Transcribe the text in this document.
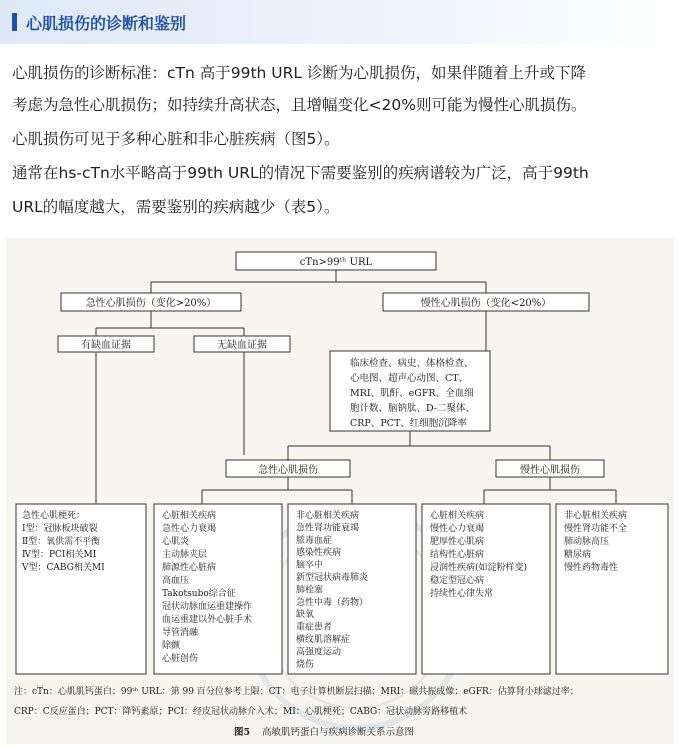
心肌损伤的诊断和鉴别
心肌损伤的诊断标准：cTn 高于99th URL 诊断为心肌损伤，如果伴随着上升或下降
考虑为急性心肌损伤；如持续升高状态，且增幅变化<20%则可能为慢性心肌损伤。
心肌损伤可见于多种心脏和非心脏疾病（图5）。
通常在hs-cTn水平略高于99th URL的情况下需要鉴别的疾病谱较为广泛，高于99th
URL的幅度越大，需要鉴别的疾病越少（表5）。
cTn>99ᵗʰ URL
急性心肌损伤（变化>20%）	慢性心肌损伤（变化<20%）
有缺血证据	无缺血证据
临床检查、病史、体格检查、
心电图、超声心动图、CT、
MRI、肌酐、eGFR、全血细
胞计数、脑钠肽、D-二聚体、
CRP、PCT、红细胞沉降率
急性心肌损伤	慢性心肌损伤
急性心肌梗死：
Ⅰ型：冠脉板块破裂
Ⅱ型：氧供需不平衡
Ⅳ型：PCI相关MI
Ⅴ型：CABG相关MI
心脏相关疾病
急性心力衰竭
心肌炎
主动脉夹层
肺源性心脏病
高血压
Takotsubo综合征
冠状动脉血运重建操作
血运重建以外心脏手术
导管消融
除颤
心脏创伤
非心脏相关疾病
急性肾功能衰竭
脓毒血症
感染性疾病
脑卒中
新型冠状病毒肺炎
肺栓塞
急性中毒（药物）
缺氧
重症患者
横纹肌溶解症
高强度运动
烧伤
心脏相关疾病
慢性心力衰竭
肥厚性心肌病
结构性心脏病
浸润性疾病(如淀粉样变)
稳定型冠心病
持续性心律失常
非心脏相关疾病
慢性肾功能不全
肺动脉高压
糖尿病
慢性药物毒性
注：cTn：心肌肌钙蛋白；99ᵗʰ URL：第 99 百分位参考上限；CT：电子计算机断层扫描；MRI：磁共振成像；eGFR：估算肾小球滤过率；
CRP：C反应蛋白；PCT：降钙素原；PCI：经皮冠状动脉介入术；MI：心肌梗死；CABG：冠状动脉旁路移植术
图5 高敏肌钙蛋白与疾病诊断关系示意图
